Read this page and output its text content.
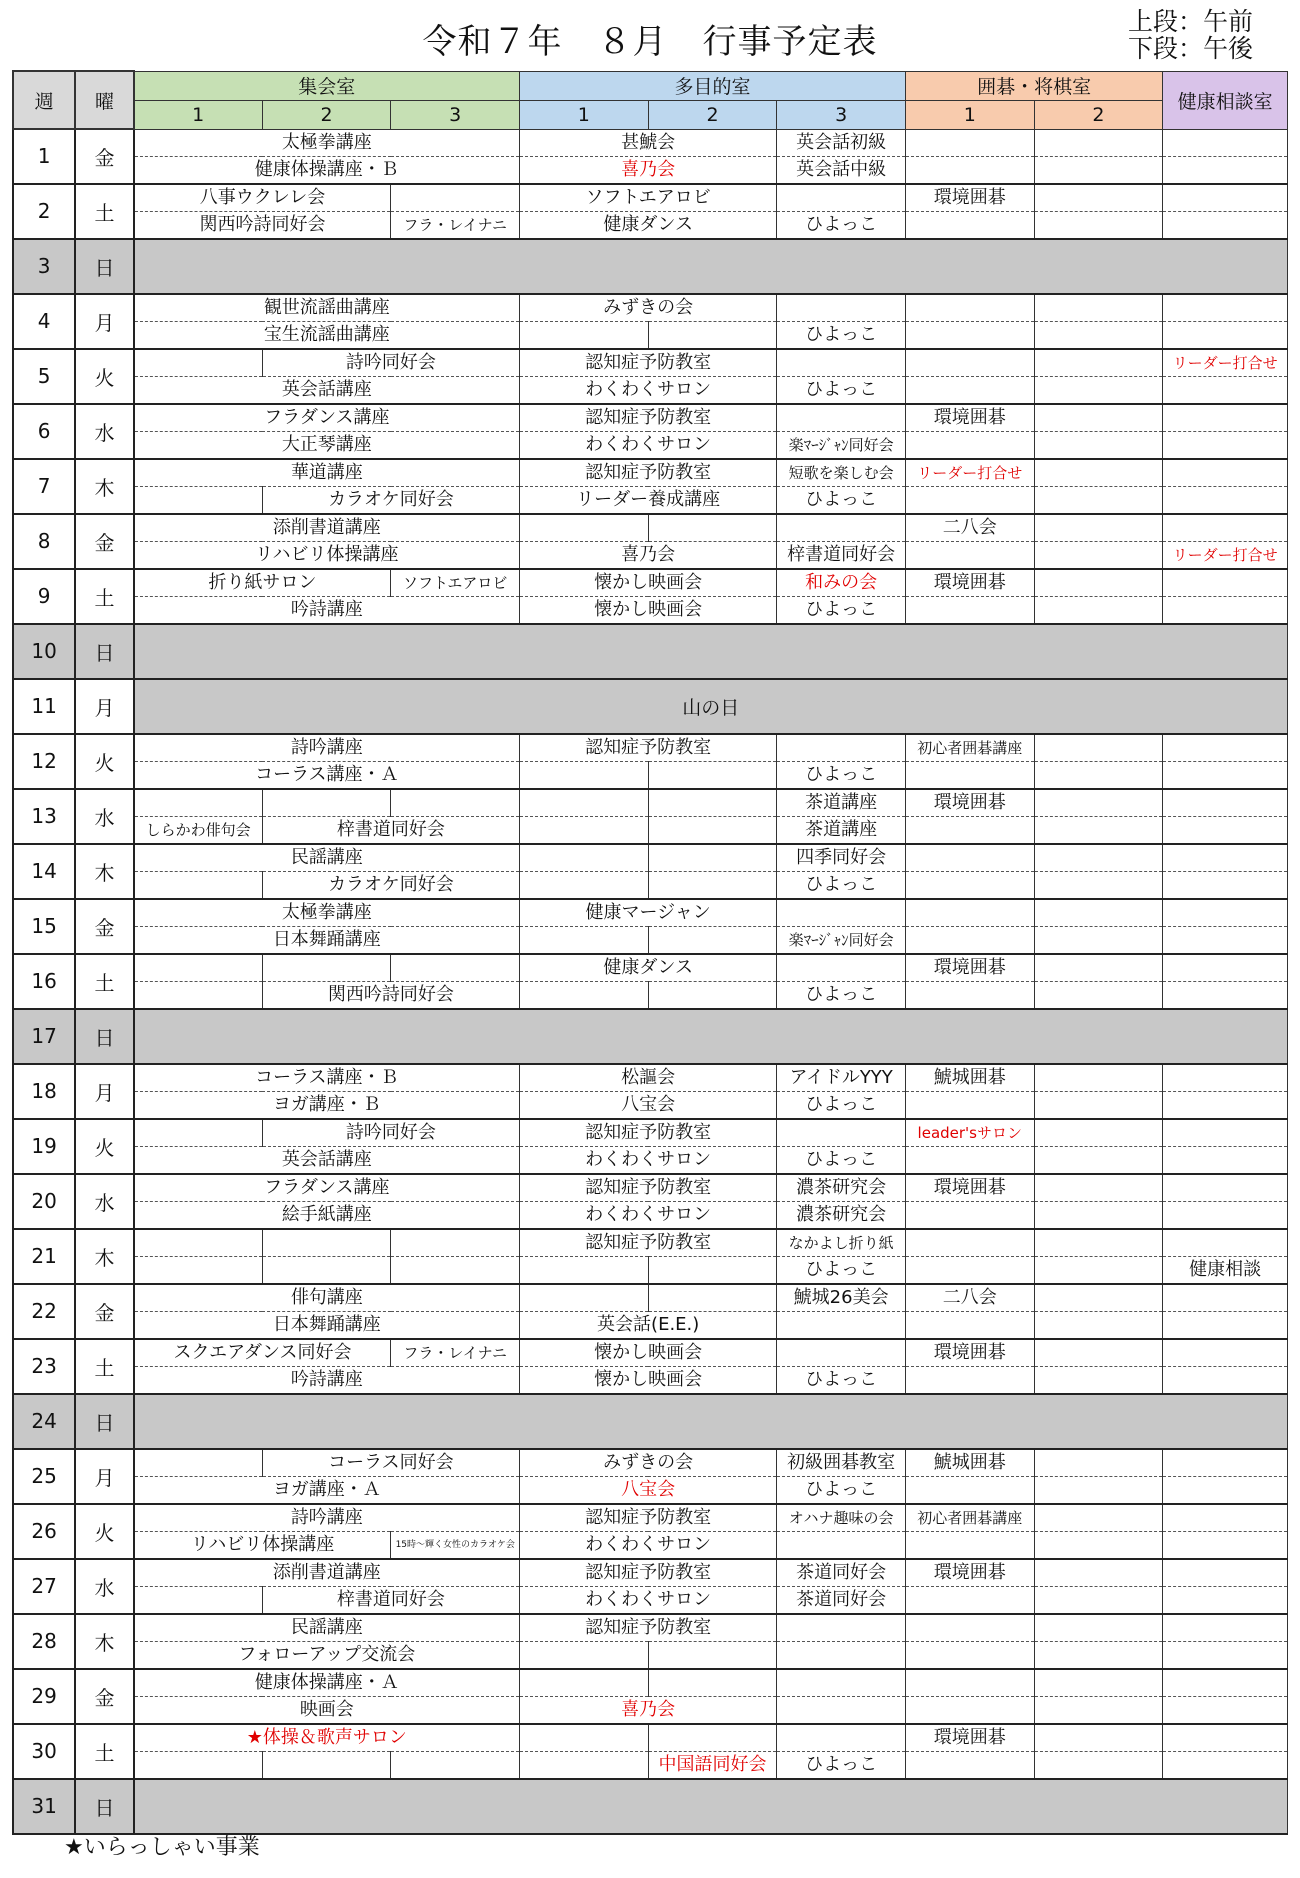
令和７年　８月　行事予定表
上段：午前
下段：午後
週	曜	集会室			多目的室			囲碁・将棋室		健康相談室
		1	2	3	1	2	3	1	2	
1	金	太極拳講座			甚鯱会		英会話初級			
		健康体操講座・Ｂ			喜乃会		英会話中級			
2	土	八事ウクレレ会			ソフトエアロビ			環境囲碁		
		関西吟詩同好会		フラ・レイナニ	健康ダンス		ひよっこ			
3	日									
4	月	観世流謡曲講座			みずきの会					
		宝生流謡曲講座					ひよっこ			
5	火		詩吟同好会		認知症予防教室					リーダー打合せ
		英会話講座			わくわくサロン		ひよっこ			
6	水	フラダンス講座			認知症予防教室			環境囲碁		
		大正琴講座			わくわくサロン		楽ﾏｰｼﾞｬﾝ同好会			
7	木	華道講座			認知症予防教室		短歌を楽しむ会	リーダー打合せ		
			カラオケ同好会		リーダー養成講座		ひよっこ			
8	金	添削書道講座						二八会		
		リハビリ体操講座			喜乃会		梓書道同好会			リーダー打合せ
9	土	折り紙サロン		ソフトエアロビ	懐かし映画会		和みの会	環境囲碁		
		吟詩講座			懐かし映画会		ひよっこ			
10	日									
11	月	山の日								
12	火	詩吟講座			認知症予防教室			初心者囲碁講座		
		コーラス講座・Ａ					ひよっこ			
13	水						茶道講座	環境囲碁		
		しらかわ俳句会	梓書道同好会				茶道講座			
14	木	民謡講座					四季同好会			
			カラオケ同好会				ひよっこ			
15	金	太極拳講座			健康マージャン					
		日本舞踊講座					楽ﾏｰｼﾞｬﾝ同好会			
16	土				健康ダンス			環境囲碁		
			関西吟詩同好会				ひよっこ			
17	日									
18	月	コーラス講座・Ｂ			松謳会		アイドルYYY	鯱城囲碁		
		ヨガ講座・Ｂ			八宝会		ひよっこ			
19	火		詩吟同好会		認知症予防教室			leader'sサロン		
		英会話講座			わくわくサロン		ひよっこ			
20	水	フラダンス講座			認知症予防教室		濃茶研究会	環境囲碁		
		絵手紙講座			わくわくサロン		濃茶研究会			
21	木				認知症予防教室		なかよし折り紙			
							ひよっこ			健康相談
22	金	俳句講座					鯱城26美会	二八会		
		日本舞踊講座			英会話(E.E.)					
23	土	スクエアダンス同好会		フラ・レイナニ	懐かし映画会			環境囲碁		
		吟詩講座			懐かし映画会		ひよっこ			
24	日									
25	月		コーラス同好会		みずきの会		初級囲碁教室	鯱城囲碁		
		ヨガ講座・Ａ			八宝会		ひよっこ			
26	火	詩吟講座			認知症予防教室		オハナ趣味の会	初心者囲碁講座		
		リハビリ体操講座		15時～輝く女性のカラオケ会	わくわくサロン					
27	水	添削書道講座			認知症予防教室		茶道同好会	環境囲碁		
			梓書道同好会		わくわくサロン		茶道同好会			
28	木	民謡講座			認知症予防教室					
		フォローアップ交流会								
29	金	健康体操講座・Ａ								
		映画会			喜乃会					
30	土	★体操＆歌声サロン						環境囲碁		
						中国語同好会	ひよっこ			
31	日									
★いらっしゃい事業
